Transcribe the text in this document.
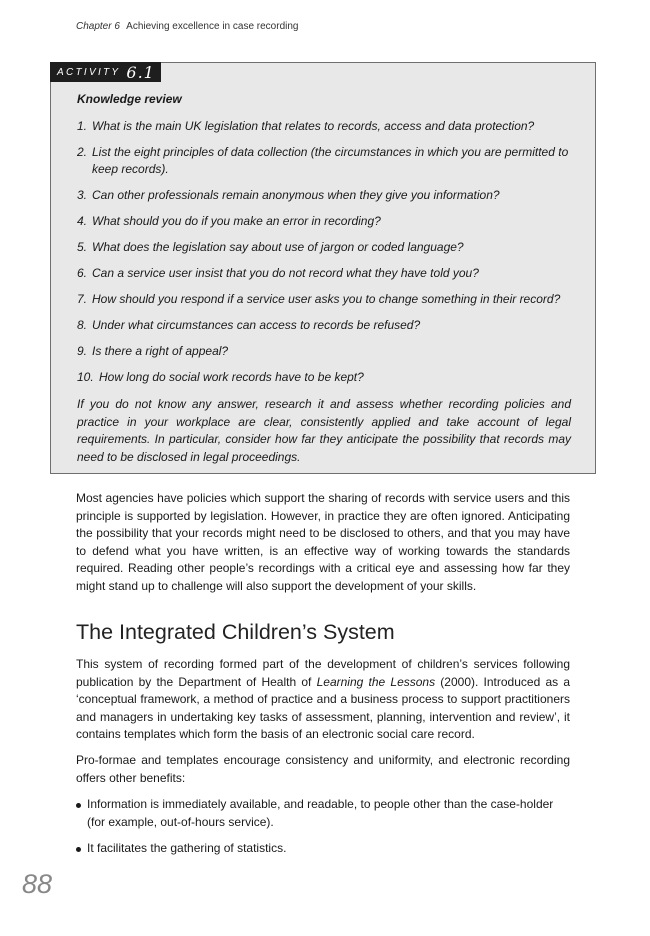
Chapter 6 Achieving excellence in case recording
ACTIVITY 6.1
Knowledge review
1. What is the main UK legislation that relates to records, access and data protection?
2. List the eight principles of data collection (the circumstances in which you are permitted to keep records).
3. Can other professionals remain anonymous when they give you information?
4. What should you do if you make an error in recording?
5. What does the legislation say about use of jargon or coded language?
6. Can a service user insist that you do not record what they have told you?
7. How should you respond if a service user asks you to change something in their record?
8. Under what circumstances can access to records be refused?
9. Is there a right of appeal?
10. How long do social work records have to be kept?

If you do not know any answer, research it and assess whether recording policies and practice in your workplace are clear, consistently applied and take account of legal requirements. In particular, consider how far they anticipate the possibility that records may need to be disclosed in legal proceedings.

Most agencies have policies which support the sharing of records with service users and this principle is supported by legislation. However, in practice they are often ignored. Anticipating the possibility that your records might need to be disclosed to others, and that you may have to defend what you have written, is an effective way of working towards the standards required. Reading other people’s recordings with a critical eye and assessing how far they might stand up to challenge will also support the development of your skills.

The Integrated Children’s System

This system of recording formed part of the development of children’s services following publication by the Department of Health of Learning the Lessons (2000). Introduced as a ‘conceptual framework, a method of practice and a business process to support practitioners and managers in undertaking key tasks of assessment, planning, intervention and review’, it contains templates which form the basis of an electronic social care record.

Pro-formae and templates encourage consistency and uniformity, and electronic recording offers other benefits:

Information is immediately available, and readable, to people other than the case-holder (for example, out-of-hours service).
It facilitates the gathering of statistics.
88
